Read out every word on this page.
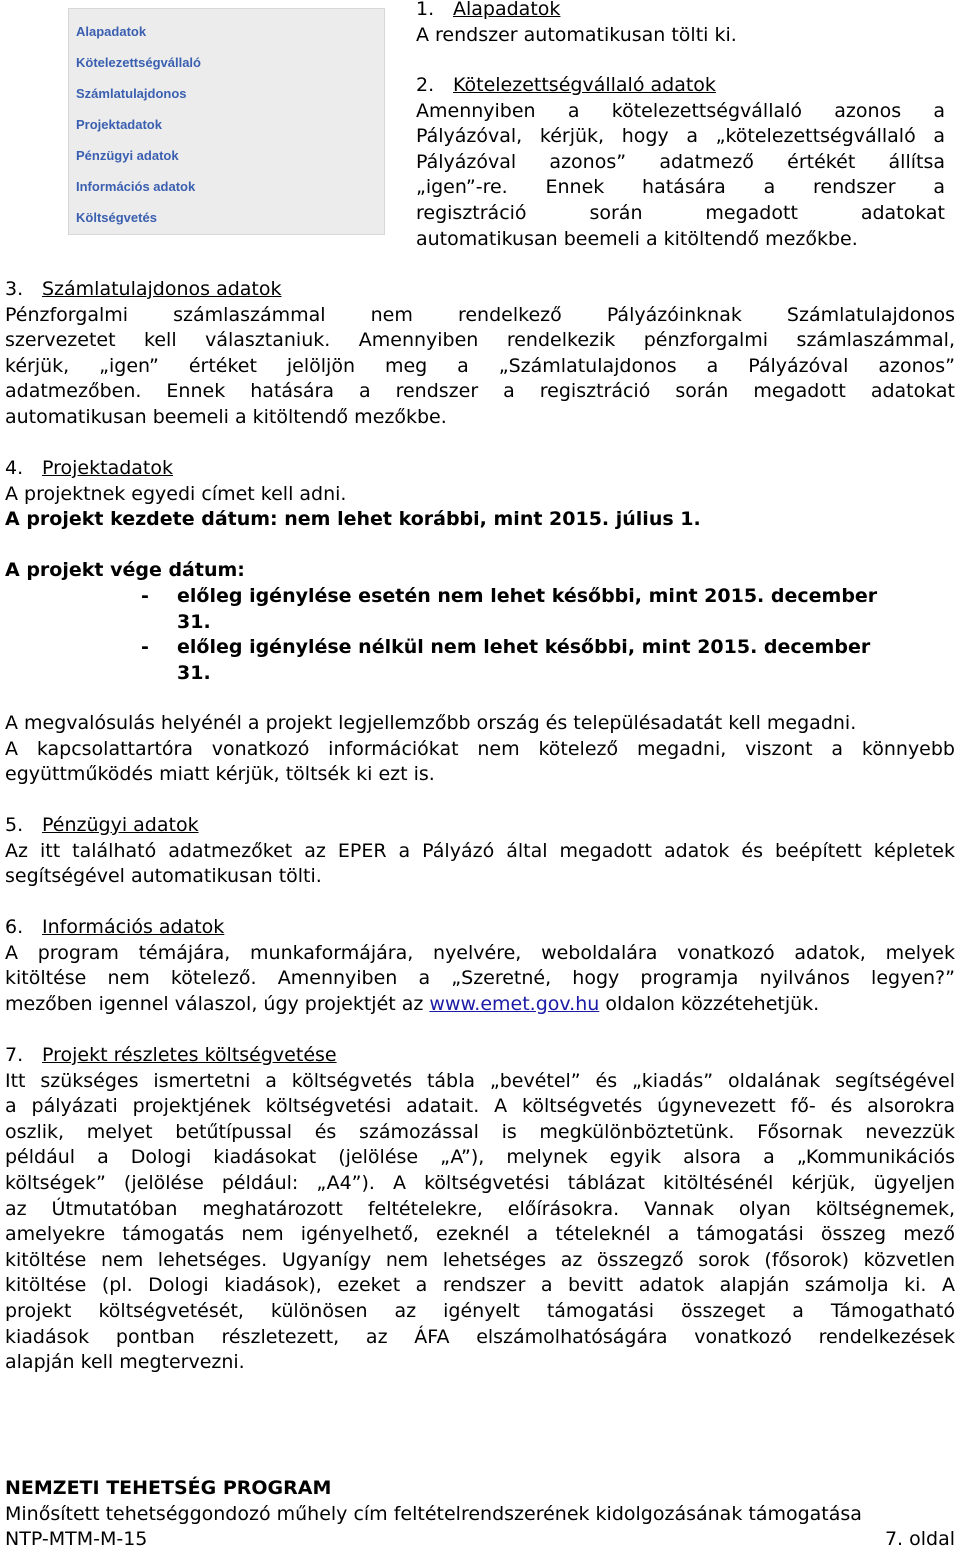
Alapadatok
Kötelezettségvállaló
Számlatulajdonos
Projektadatok
Pénzügyi adatok
Információs adatok
Költségvetés
1. Alapadatok
A rendszer automatikusan tölti ki.
2. Kötelezettségvállaló adatok
Amennyiben a kötelezettségvállaló azonos a
Pályázóval, kérjük, hogy a „kötelezettségvállaló a
Pályázóval azonos” adatmező értékét állítsa
„igen”-re. Ennek hatására a rendszer a
regisztráció során megadott adatokat
automatikusan beemeli a kitöltendő mezőkbe.
3. Számlatulajdonos adatok
Pénzforgalmi számlaszámmal nem rendelkező Pályázóinknak Számlatulajdonos
szervezetet kell választaniuk. Amennyiben rendelkezik pénzforgalmi számlaszámmal,
kérjük, „igen” értéket jelöljön meg a „Számlatulajdonos a Pályázóval azonos”
adatmezőben. Ennek hatására a rendszer a regisztráció során megadott adatokat
automatikusan beemeli a kitöltendő mezőkbe.
4. Projektadatok
A projektnek egyedi címet kell adni.
A projekt kezdete dátum: nem lehet korábbi, mint 2015. július 1.
A projekt vége dátum:
- előleg igénylése esetén nem lehet későbbi, mint 2015. december
31.
- előleg igénylése nélkül nem lehet későbbi, mint 2015. december
31.
A megvalósulás helyénél a projekt legjellemzőbb ország és településadatát kell megadni.
A kapcsolattartóra vonatkozó információkat nem kötelező megadni, viszont a könnyebb
együttműködés miatt kérjük, töltsék ki ezt is.
5. Pénzügyi adatok
Az itt található adatmezőket az EPER a Pályázó által megadott adatok és beépített képletek
segítségével automatikusan tölti.
6. Információs adatok
A program témájára, munkaformájára, nyelvére, weboldalára vonatkozó adatok, melyek
kitöltése nem kötelező. Amennyiben a „Szeretné, hogy programja nyilvános legyen?”
mezőben igennel válaszol, úgy projektjét az www.emet.gov.hu oldalon közzétehetjük.
7. Projekt részletes költségvetése
Itt szükséges ismertetni a költségvetés tábla „bevétel” és „kiadás” oldalának segítségével
a pályázati projektjének költségvetési adatait. A költségvetés úgynevezett fő- és alsorokra
oszlik, melyet betűtípussal és számozással is megkülönböztetünk. Fősornak nevezzük
például a Dologi kiadásokat (jelölése „A”), melynek egyik alsora a „Kommunikációs
költségek” (jelölése például: „A4”). A költségvetési táblázat kitöltésénél kérjük, ügyeljen
az Útmutatóban meghatározott feltételekre, előírásokra. Vannak olyan költségnemek,
amelyekre támogatás nem igényelhető, ezeknél a tételeknél a támogatási összeg mező
kitöltése nem lehetséges. Ugyanígy nem lehetséges az összegző sorok (fősorok) közvetlen
kitöltése (pl. Dologi kiadások), ezeket a rendszer a bevitt adatok alapján számolja ki. A
projekt költségvetését, különösen az igényelt támogatási összeget a Támogatható
kiadások pontban részletezett, az ÁFA elszámolhatóságára vonatkozó rendelkezések
alapján kell megtervezni.
NEMZETI TEHETSÉG PROGRAM
Minősített tehetséggondozó műhely cím feltételrendszerének kidolgozásának támogatása
NTP-MTM-M-15	7. oldal
